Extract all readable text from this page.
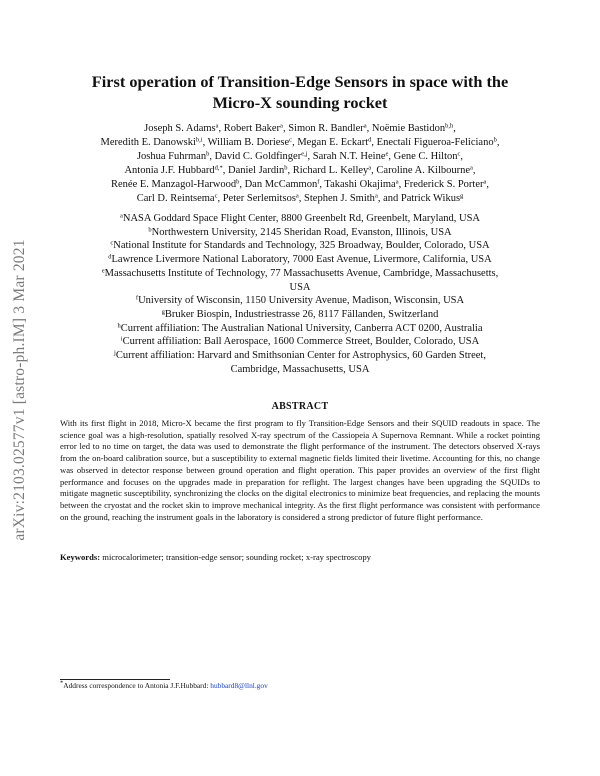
arXiv:2103.02577v1 [astro-ph.IM] 3 Mar 2021
First operation of Transition-Edge Sensors in space with the
Micro-X sounding rocket
Joseph S. Adams$^a$, Robert Baker$^a$, Simon R. Bandler$^a$, Noëmie Bastidon$^{b,h}$,
Meredith E. Danowski$^{b,i}$, William B. Doriese$^c$, Megan E. Eckart$^d$, Enectalí Figueroa-Feliciano$^b$,
Joshua Fuhrman$^b$, David C. Goldfinger$^{e,j}$, Sarah N.T. Heine$^e$, Gene C. Hilton$^c$,
Antonia J.F. Hubbard$^{d,*}$, Daniel Jardin$^b$, Richard L. Kelley$^a$, Caroline A. Kilbourne$^a$,
Renée E. Manzagol-Harwood$^b$, Dan McCammon$^f$, Takashi Okajima$^a$, Frederick S. Porter$^a$,
Carl D. Reintsema$^c$, Peter Serlemitsos$^a$, Stephen J. Smith$^a$, and Patrick Wikus$^g$
$^a$NASA Goddard Space Flight Center, 8800 Greenbelt Rd, Greenbelt, Maryland, USA
$^b$Northwestern University, 2145 Sheridan Road, Evanston, Illinois, USA
$^c$National Institute for Standards and Technology, 325 Broadway, Boulder, Colorado, USA
$^d$Lawrence Livermore National Laboratory, 7000 East Avenue, Livermore, California, USA
$^e$Massachusetts Institute of Technology, 77 Massachusetts Avenue, Cambridge, Massachusetts,
USA
$^f$University of Wisconsin, 1150 University Avenue, Madison, Wisconsin, USA
$^g$Bruker Biospin, Industriestrasse 26, 8117 Fällanden, Switzerland
$^h$Current affiliation: The Australian National University, Canberra ACT 0200, Australia
$^i$Current affiliation: Ball Aerospace, 1600 Commerce Street, Boulder, Colorado, USA
$^j$Current affiliation: Harvard and Smithsonian Center for Astrophysics, 60 Garden Street,
Cambridge, Massachusetts, USA
ABSTRACT
With its first flight in 2018, Micro-X became the first program to fly Transition-Edge Sensors and their SQUID readouts in space. The science goal was a high-resolution, spatially resolved X-ray spectrum of the Cassiopeia A Supernova Remnant. While a rocket pointing error led to no time on target, the data was used to demonstrate the flight performance of the instrument. The detectors observed X-rays from the on-board calibration source, but a susceptibility to external magnetic fields limited their livetime. Accounting for this, no change was observed in detector response between ground operation and flight operation. This paper provides an overview of the first flight performance and focuses on the upgrades made in preparation for reflight. The largest changes have been upgrading the SQUIDs to mitigate magnetic susceptibility, synchronizing the clocks on the digital electronics to minimize beat frequencies, and replacing the mounts between the cryostat and the rocket skin to improve mechanical integrity. As the first flight performance was consistent with performance on the ground, reaching the instrument goals in the laboratory is considered a strong predictor of future flight performance.
Keywords: microcalorimeter; transition-edge sensor; sounding rocket; x-ray spectroscopy
*Address correspondence to Antonia J.F.Hubbard: hubbard8@llnl.gov
